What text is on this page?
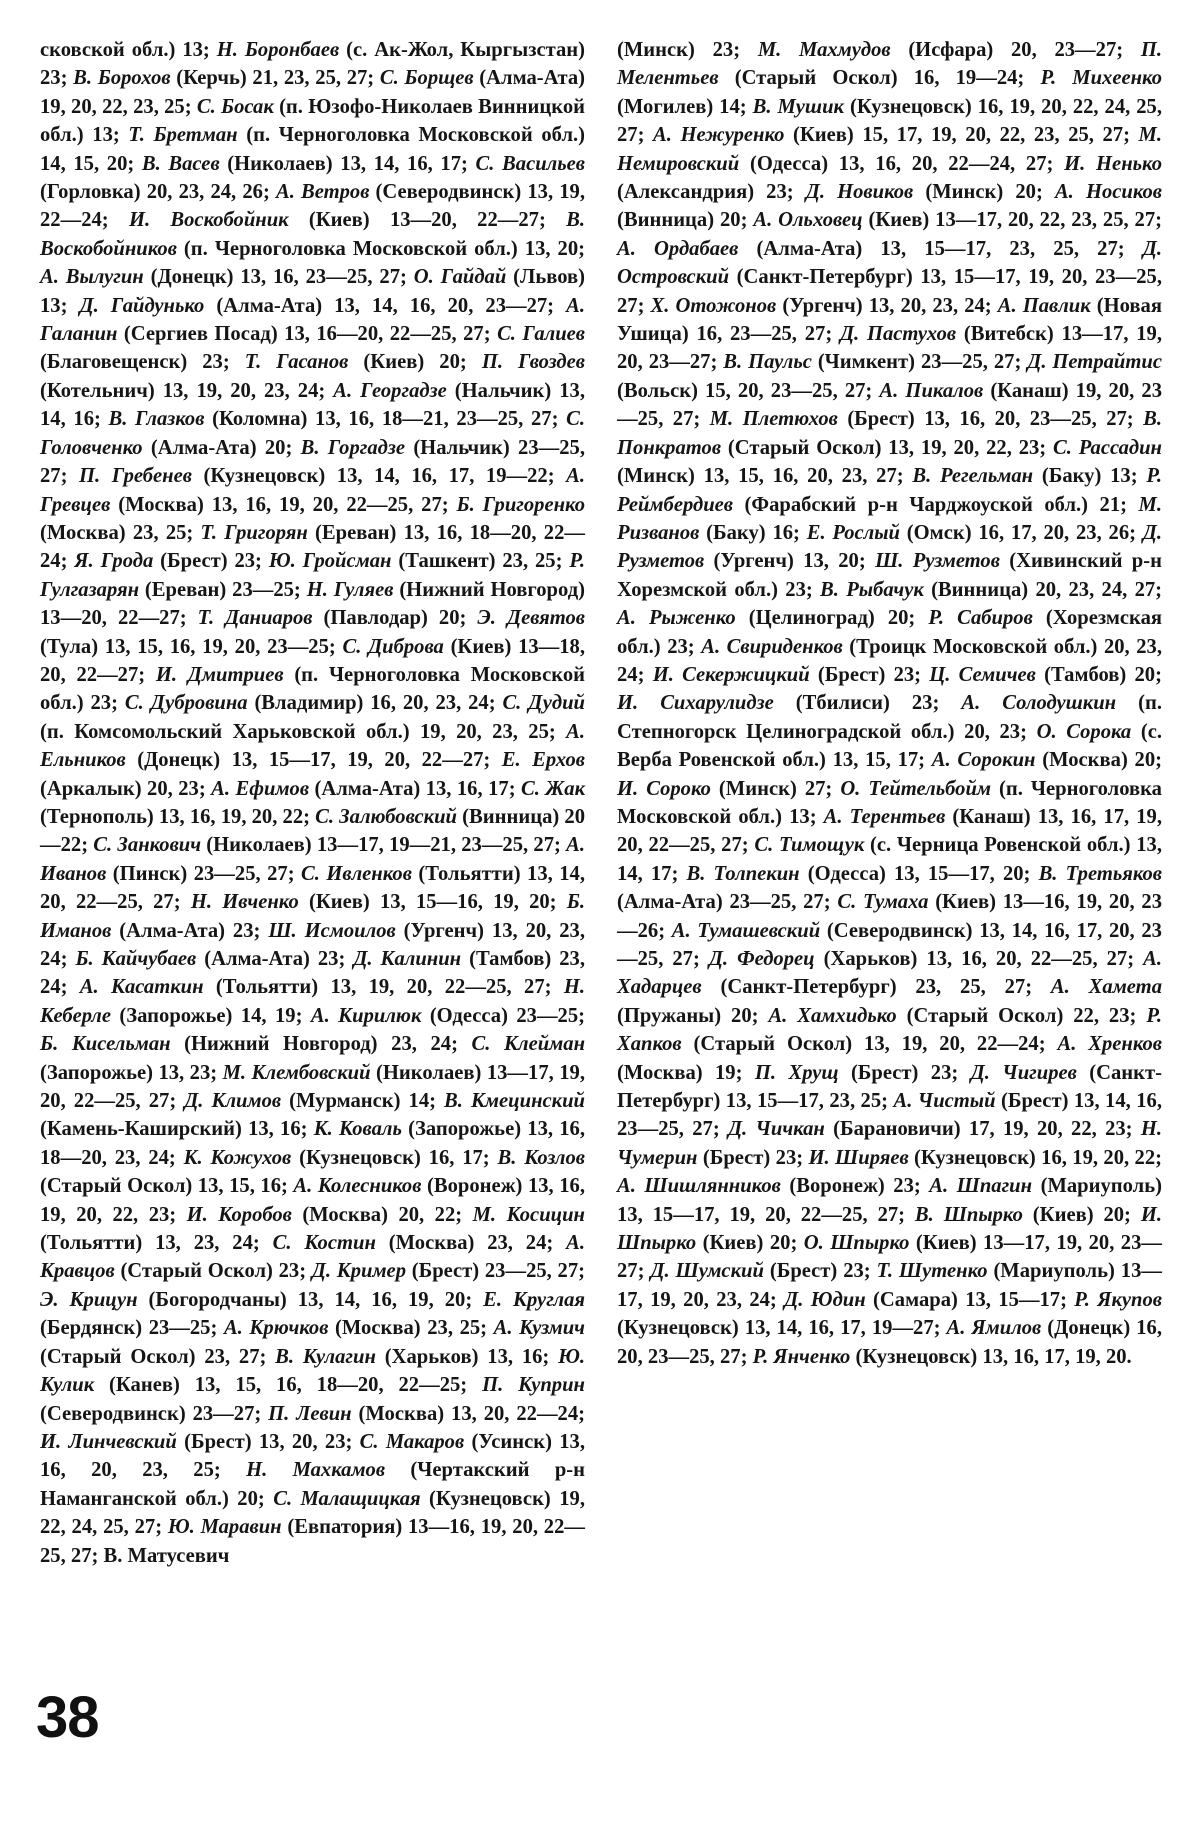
сковской обл.) 13; Н. Боронбаев (с. Ак-Жол, Кыргызстан) 23; В. Борохов (Керчь) 21, 23, 25, 27; С. Борщев (Алма-Ата) 19, 20, 22, 23, 25; С. Босак (п. Юзофо-Николаев Винницкой обл.) 13; Т. Бретман (п. Черноголовка Московской обл.) 14, 15, 20; В. Васев (Николаев) 13, 14, 16, 17; С. Васильев (Горловка) 20, 23, 24, 26; А. Ветров (Северодвинск) 13, 19, 22—24; И. Воскобойник (Киев) 13—20, 22—27; В. Воскобойников (п. Черноголовка Московской обл.) 13, 20; А. Вылугин (Донецк) 13, 16, 23—25, 27; О. Гайдай (Львов) 13; Д. Гайдунько (Алма-Ата) 13, 14, 16, 20, 23—27; А. Галанин (Сергиев Посад) 13, 16—20, 22—25, 27; С. Галиев (Благовещенск) 23; Т. Гасанов (Киев) 20; П. Гвоздев (Котельнич) 13, 19, 20, 23, 24; А. Георгадзе (Нальчик) 13, 14, 16; В. Глазков (Коломна) 13, 16, 18—21, 23—25, 27; С. Головченко (Алма-Ата) 20; В. Горгадзе (Нальчик) 23—25, 27; П. Гребенев (Кузнецовск) 13, 14, 16, 17, 19—22; А. Гревцев (Москва) 13, 16, 19, 20, 22—25, 27; Б. Григоренко (Москва) 23, 25; Т. Григорян (Ереван) 13, 16, 18—20, 22—24; Я. Грода (Брест) 23; Ю. Гройсман (Ташкент) 23, 25; Р. Гулгазарян (Ереван) 23—25; Н. Гуляев (Нижний Новгород) 13—20, 22—27; Т. Даниаров (Павлодар) 20; Э. Девятов (Тула) 13, 15, 16, 19, 20, 23—25; С. Диброва (Киев) 13—18, 20, 22—27; И. Дмитриев (п. Черноголовка Московской обл.) 23; С. Дубровина (Владимир) 16, 20, 23, 24; С. Дудий (п. Комсомольский Харьковской обл.) 19, 20, 23, 25; А. Ельников (Донецк) 13, 15—17, 19, 20, 22—27; Е. Ерхов (Аркалык) 20, 23; А. Ефимов (Алма-Ата) 13, 16, 17; С. Жак (Тернополь) 13, 16, 19, 20, 22; С. Залюбовский (Винница) 20—22; С. Занкович (Николаев) 13—17, 19—21, 23—25, 27; А. Иванов (Пинск) 23—25, 27; С. Ивленков (Тольятти) 13, 14, 20, 22—25, 27; Н. Ивченко (Киев) 13, 15—16, 19, 20; Б. Иманов (Алма-Ата) 23; Ш. Исмоилов (Ургенч) 13, 20, 23, 24; Б. Кайчубаев (Алма-Ата) 23; Д. Калинин (Тамбов) 23, 24; А. Касаткин (Тольятти) 13, 19, 20, 22—25, 27; Н. Кеберле (Запорожье) 14, 19; А. Кирилюк (Одесса) 23—25; Б. Кисельман (Нижний Новгород) 23, 24; С. Клейман (Запорожье) 13, 23; М. Клембовский (Николаев) 13—17, 19, 20, 22—25, 27; Д. Климов (Мурманск) 14; В. Кмецинский (Камень-Каширский) 13, 16; К. Коваль (Запорожье) 13, 16, 18—20, 23, 24; К. Кожухов (Кузнецовск) 16, 17; В. Козлов (Старый Оскол) 13, 15, 16; А. Колесников (Воронеж) 13, 16, 19, 20, 22, 23; И. Коробов (Москва) 20, 22; М. Косицин (Тольятти) 13, 23, 24; С. Костин (Москва) 23, 24; А. Кравцов (Старый Оскол) 23; Д. Кример (Брест) 23—25, 27; Э. Крицун (Богородчаны) 13, 14, 16, 19, 20; Е. Круглая (Бердянск) 23—25; А. Крючков (Москва) 23, 25; А. Кузмич (Старый Оскол) 23, 27; В. Кулагин (Харьков) 13, 16; Ю. Кулик (Канев) 13, 15, 16, 18—20, 22—25; П. Куприн (Северодвинск) 23—27; П. Левин (Москва) 13, 20, 22—24; И. Линчевский (Брест) 13, 20, 23; С. Макаров (Усинск) 13, 16, 20, 23, 25; Н. Махкамов (Чертакский р-н Наманганской обл.) 20; С. Малащицкая (Кузнецовск) 19, 22, 24, 25, 27; Ю. Маравин (Евпатория) 13—16, 19, 20, 22—25, 27; В. Матусевич

(Минск) 23; М. Махмудов (Исфара) 20, 23—27; П. Мелентьев (Старый Оскол) 16, 19—24; Р. Михеенко (Могилев) 14; В. Мушик (Кузнецовск) 16, 19, 20, 22, 24, 25, 27; А. Нежуренко (Киев) 15, 17, 19, 20, 22, 23, 25, 27; М. Немировский (Одесса) 13, 16, 20, 22—24, 27; И. Ненько (Александрия) 23; Д. Новиков (Минск) 20; А. Носиков (Винница) 20; А. Ольховец (Киев) 13—17, 20, 22, 23, 25, 27; А. Ордабаев (Алма-Ата) 13, 15—17, 23, 25, 27; Д. Островский (Санкт-Петербург) 13, 15—17, 19, 20, 23—25, 27; Х. Отожонов (Ургенч) 13, 20, 23, 24; А. Павлик (Новая Ушица) 16, 23—25, 27; Д. Пастухов (Витебск) 13—17, 19, 20, 23—27; В. Паульс (Чимкент) 23—25, 27; Д. Петрайтис (Вольск) 15, 20, 23—25, 27; А. Пикалов (Канаш) 19, 20, 23—25, 27; М. Плетюхов (Брест) 13, 16, 20, 23—25, 27; В. Понкратов (Старый Оскол) 13, 19, 20, 22, 23; С. Рассадин (Минск) 13, 15, 16, 20, 23, 27; В. Регельман (Баку) 13; Р. Реймбердиев (Фарабский р-н Чарджоуской обл.) 21; М. Ризванов (Баку) 16; Е. Рослый (Омск) 16, 17, 20, 23, 26; Д. Рузметов (Ургенч) 13, 20; Ш. Рузметов (Хивинский р-н Хорезмской обл.) 23; В. Рыбачук (Винница) 20, 23, 24, 27; А. Рыженко (Целиноград) 20; Р. Сабиров (Хорезмская обл.) 23; А. Свириденков (Троицк Московской обл.) 20, 23, 24; И. Секержицкий (Брест) 23; Ц. Семичев (Тамбов) 20; И. Сихарулидзе (Тбилиси) 23; А. Солодушкин (п. Степногорск Целиноградской обл.) 20, 23; О. Сорока (с. Верба Ровенской обл.) 13, 15, 17; А. Сорокин (Москва) 20; И. Сороко (Минск) 27; О. Тейтельбойм (п. Черноголовка Московской обл.) 13; А. Терентьев (Канаш) 13, 16, 17, 19, 20, 22—25, 27; С. Тимощук (с. Черница Ровенской обл.) 13, 14, 17; В. Толпекин (Одесса) 13, 15—17, 20; В. Третьяков (Алма-Ата) 23—25, 27; С. Тумаха (Киев) 13—16, 19, 20, 23—26; А. Тумашевский (Северодвинск) 13, 14, 16, 17, 20, 23—25, 27; Д. Федорец (Харьков) 13, 16, 20, 22—25, 27; А. Хадарцев (Санкт-Петербург) 23, 25, 27; А. Хамета (Пружаны) 20; А. Хамхидько (Старый Оскол) 22, 23; Р. Хапков (Старый Оскол) 13, 19, 20, 22—24; А. Хренков (Москва) 19; П. Хрущ (Брест) 23; Д. Чигирев (Санкт-Петербург) 13, 15—17, 23, 25; А. Чистый (Брест) 13, 14, 16, 23—25, 27; Д. Чичкан (Барановичи) 17, 19, 20, 22, 23; Н. Чумерин (Брест) 23; И. Ширяев (Кузнецовск) 16, 19, 20, 22; А. Шишлянников (Воронеж) 23; А. Шпагин (Мариуполь) 13, 15—17, 19, 20, 22—25, 27; В. Шпырко (Киев) 20; И. Шпырко (Киев) 20; О. Шпырко (Киев) 13—17, 19, 20, 23—27; Д. Шумский (Брест) 23; Т. Шутенко (Мариуполь) 13—17, 19, 20, 23, 24; Д. Юдин (Самара) 13, 15—17; Р. Якупов (Кузнецовск) 13, 14, 16, 17, 19—27; А. Ямилов (Донецк) 16, 20, 23—25, 27; Р. Янченко (Кузнецовск) 13, 16, 17, 19, 20.

38
